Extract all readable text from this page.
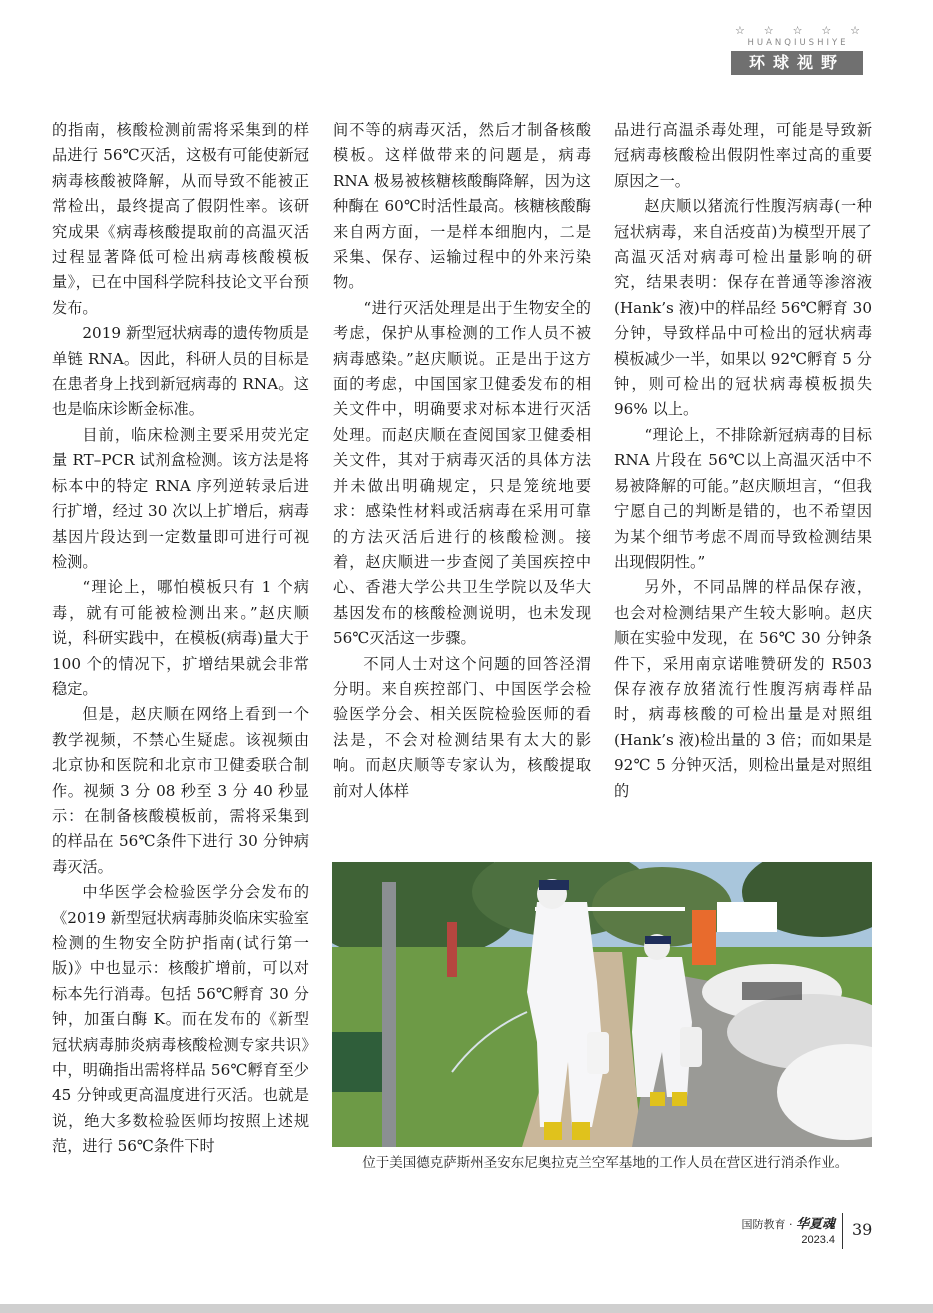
☆ ☆ ☆ ☆ ☆
HUANQIUSHIYE
环球视野

的指南，核酸检测前需将采集到的样品进行 56℃灭活，这极有可能使新冠病毒核酸被降解，从而导致不能被正常检出，最终提高了假阴性率。该研究成果《病毒核酸提取前的高温灭活过程显著降低可检出病毒核酸模板量》，已在中国科学院科技论文平台预发布。

2019 新型冠状病毒的遗传物质是单链 RNA。因此，科研人员的目标是在患者身上找到新冠病毒的 RNA。这也是临床诊断金标准。

目前，临床检测主要采用荧光定量 RT–PCR 试剂盒检测。该方法是将标本中的特定 RNA 序列逆转录后进行扩增，经过 30 次以上扩增后，病毒基因片段达到一定数量即可进行可视检测。

“理论上，哪怕模板只有 1 个病毒，就有可能被检测出来。”赵庆顺说，科研实践中，在模板(病毒)量大于 100 个的情况下，扩增结果就会非常稳定。

但是，赵庆顺在网络上看到一个教学视频，不禁心生疑虑。该视频由北京协和医院和北京市卫健委联合制作。视频 3 分 08 秒至 3 分 40 秒显示：在制备核酸模板前，需将采集到的样品在 56℃条件下进行 30 分钟病毒灭活。

中华医学会检验医学分会发布的《2019 新型冠状病毒肺炎临床实验室检测的生物安全防护指南(试行第一版)》中也显示：核酸扩增前，可以对标本先行消毒。包括 56℃孵育 30 分钟，加蛋白酶 K。而在发布的《新型冠状病毒肺炎病毒核酸检测专家共识》中，明确指出需将样品 56℃孵育至少 45 分钟或更高温度进行灭活。也就是说，绝大多数检验医师均按照上述规范，进行 56℃条件下时

间不等的病毒灭活，然后才制备核酸模板。这样做带来的问题是，病毒 RNA 极易被核糖核酸酶降解，因为这种酶在 60℃时活性最高。核糖核酸酶来自两方面，一是样本细胞内，二是采集、保存、运输过程中的外来污染物。

“进行灭活处理是出于生物安全的考虑，保护从事检测的工作人员不被病毒感染。”赵庆顺说。正是出于这方面的考虑，中国国家卫健委发布的相关文件中，明确要求对标本进行灭活处理。而赵庆顺在查阅国家卫健委相关文件，其对于病毒灭活的具体方法并未做出明确规定，只是笼统地要求：感染性材料或活病毒在采用可靠的方法灭活后进行的核酸检测。接着，赵庆顺进一步查阅了美国疾控中心、香港大学公共卫生学院以及华大基因发布的核酸检测说明，也未发现 56℃灭活这一步骤。

不同人士对这个问题的回答泾渭分明。来自疾控部门、中国医学会检验医学分会、相关医院检验医师的看法是，不会对检测结果有太大的影响。而赵庆顺等专家认为，核酸提取前对人体样

品进行高温杀毒处理，可能是导致新冠病毒核酸检出假阴性率过高的重要原因之一。

赵庆顺以猪流行性腹泻病毒(一种冠状病毒，来自活疫苗)为模型开展了高温灭活对病毒可检出量影响的研究，结果表明：保存在普通等渗溶液(Hank’s 液)中的样品经 56℃孵育 30 分钟，导致样品中可检出的冠状病毒模板减少一半，如果以 92℃孵育 5 分钟，则可检出的冠状病毒模板损失 96% 以上。

“理论上，不排除新冠病毒的目标 RNA 片段在 56℃以上高温灭活中不易被降解的可能。”赵庆顺坦言，“但我宁愿自己的判断是错的，也不希望因为某个细节考虑不周而导致检测结果出现假阴性。”

另外，不同品牌的样品保存液，也会对检测结果产生较大影响。赵庆顺在实验中发现，在 56℃ 30 分钟条件下，采用南京诺唯赞研发的 R503 保存液存放猪流行性腹泻病毒样品时，病毒核酸的可检出量是对照组(Hank’s 液)检出量的 3 倍；而如果是 92℃ 5 分钟灭活，则检出量是对照组的

位于美国德克萨斯州圣安东尼奥拉克兰空军基地的工作人员在营区进行消杀作业。
国防教育 · 华夏魂
2023.4
39
